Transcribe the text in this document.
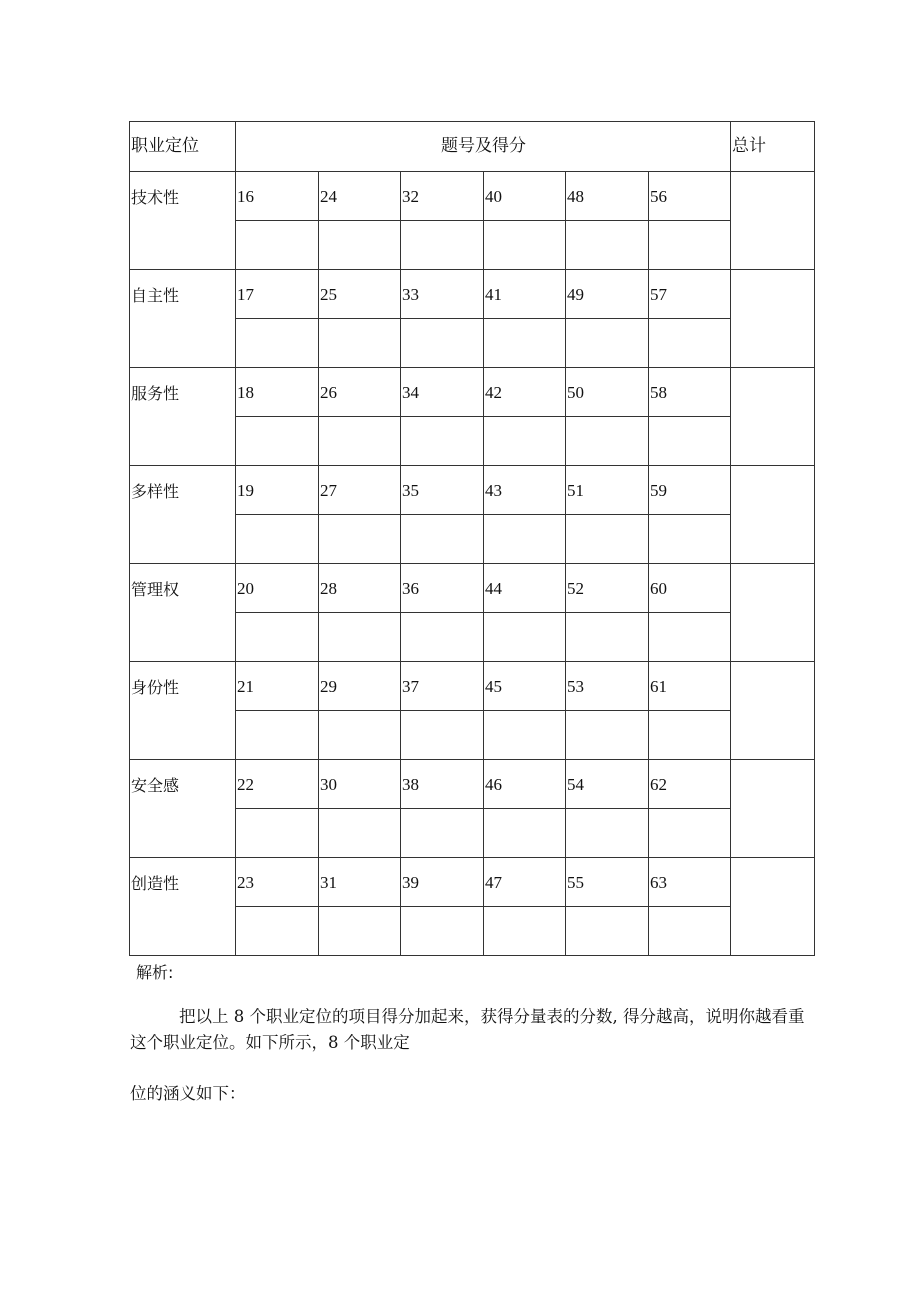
职业定位	题号及得分						总计

技术性	16	24	32	40	48	56	

自主性	17	25	33	41	49	57	

服务性	18	26	34	42	50	58	

多样性	19	27	35	43	51	59	

管理权	20	28	36	44	52	60	

身份性	21	29	37	45	53	61	

安全感	22	30	38	46	54	62	

创造性	23	31	39	47	55	63	

解析:
把以上 8 个职业定位的项目得分加起来，获得分量表的分数, 得分越高，说明你越看重这个职业定位。如下所示，8 个职业定
位的涵义如下：
